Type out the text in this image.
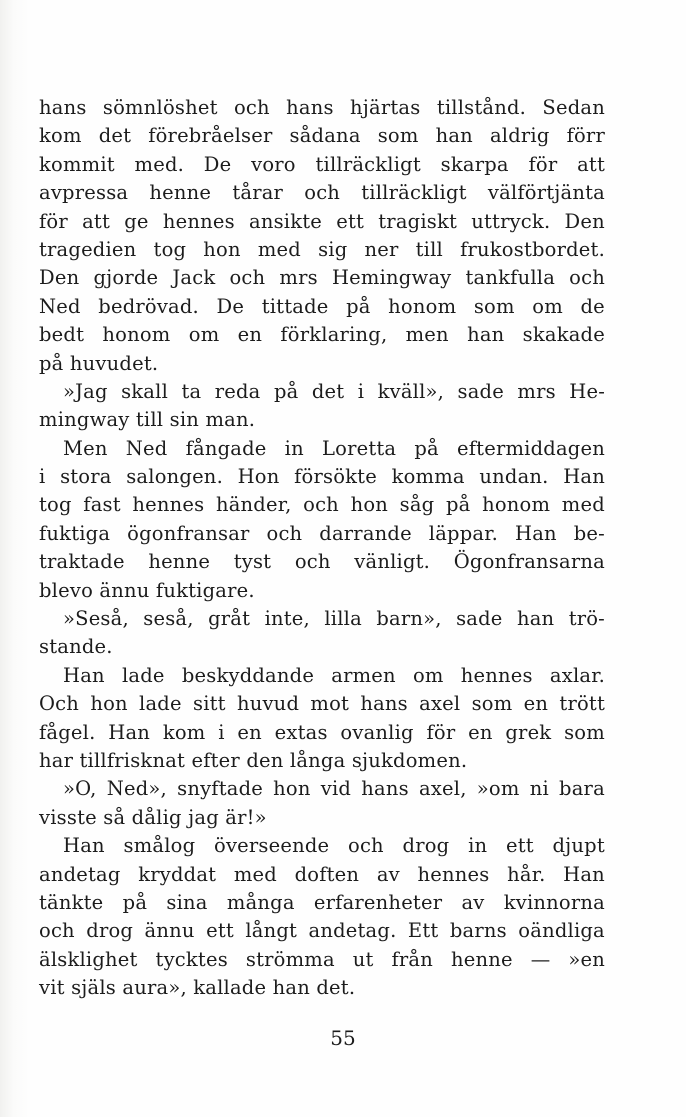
hans sömnlöshet och hans hjärtas tillstånd. Sedan
kom det förebråelser sådana som han aldrig förr
kommit med. De voro tillräckligt skarpa för att
avpressa henne tårar och tillräckligt välförtjänta
för att ge hennes ansikte ett tragiskt uttryck. Den
tragedien tog hon med sig ner till frukostbordet.
Den gjorde Jack och mrs Hemingway tankfulla och
Ned bedrövad. De tittade på honom som om de
bedt honom om en förklaring, men han skakade
på huvudet.
»Jag skall ta reda på det i kväll», sade mrs He-
mingway till sin man.
Men Ned fångade in Loretta på eftermiddagen
i stora salongen. Hon försökte komma undan. Han
tog fast hennes händer, och hon såg på honom med
fuktiga ögonfransar och darrande läppar. Han be-
traktade henne tyst och vänligt. Ögonfransarna
blevo ännu fuktigare.
»Seså, seså, gråt inte, lilla barn», sade han trö-
stande.
Han lade beskyddande armen om hennes axlar.
Och hon lade sitt huvud mot hans axel som en trött
fågel. Han kom i en extas ovanlig för en grek som
har tillfrisknat efter den långa sjukdomen.
»O, Ned», snyftade hon vid hans axel, »om ni bara
visste så dålig jag är!»
Han smålog överseende och drog in ett djupt
andetag kryddat med doften av hennes hår. Han
tänkte på sina många erfarenheter av kvinnorna
och drog ännu ett långt andetag. Ett barns oändliga
älsklighet tycktes strömma ut från henne — »en
vit själs aura», kallade han det.
55
